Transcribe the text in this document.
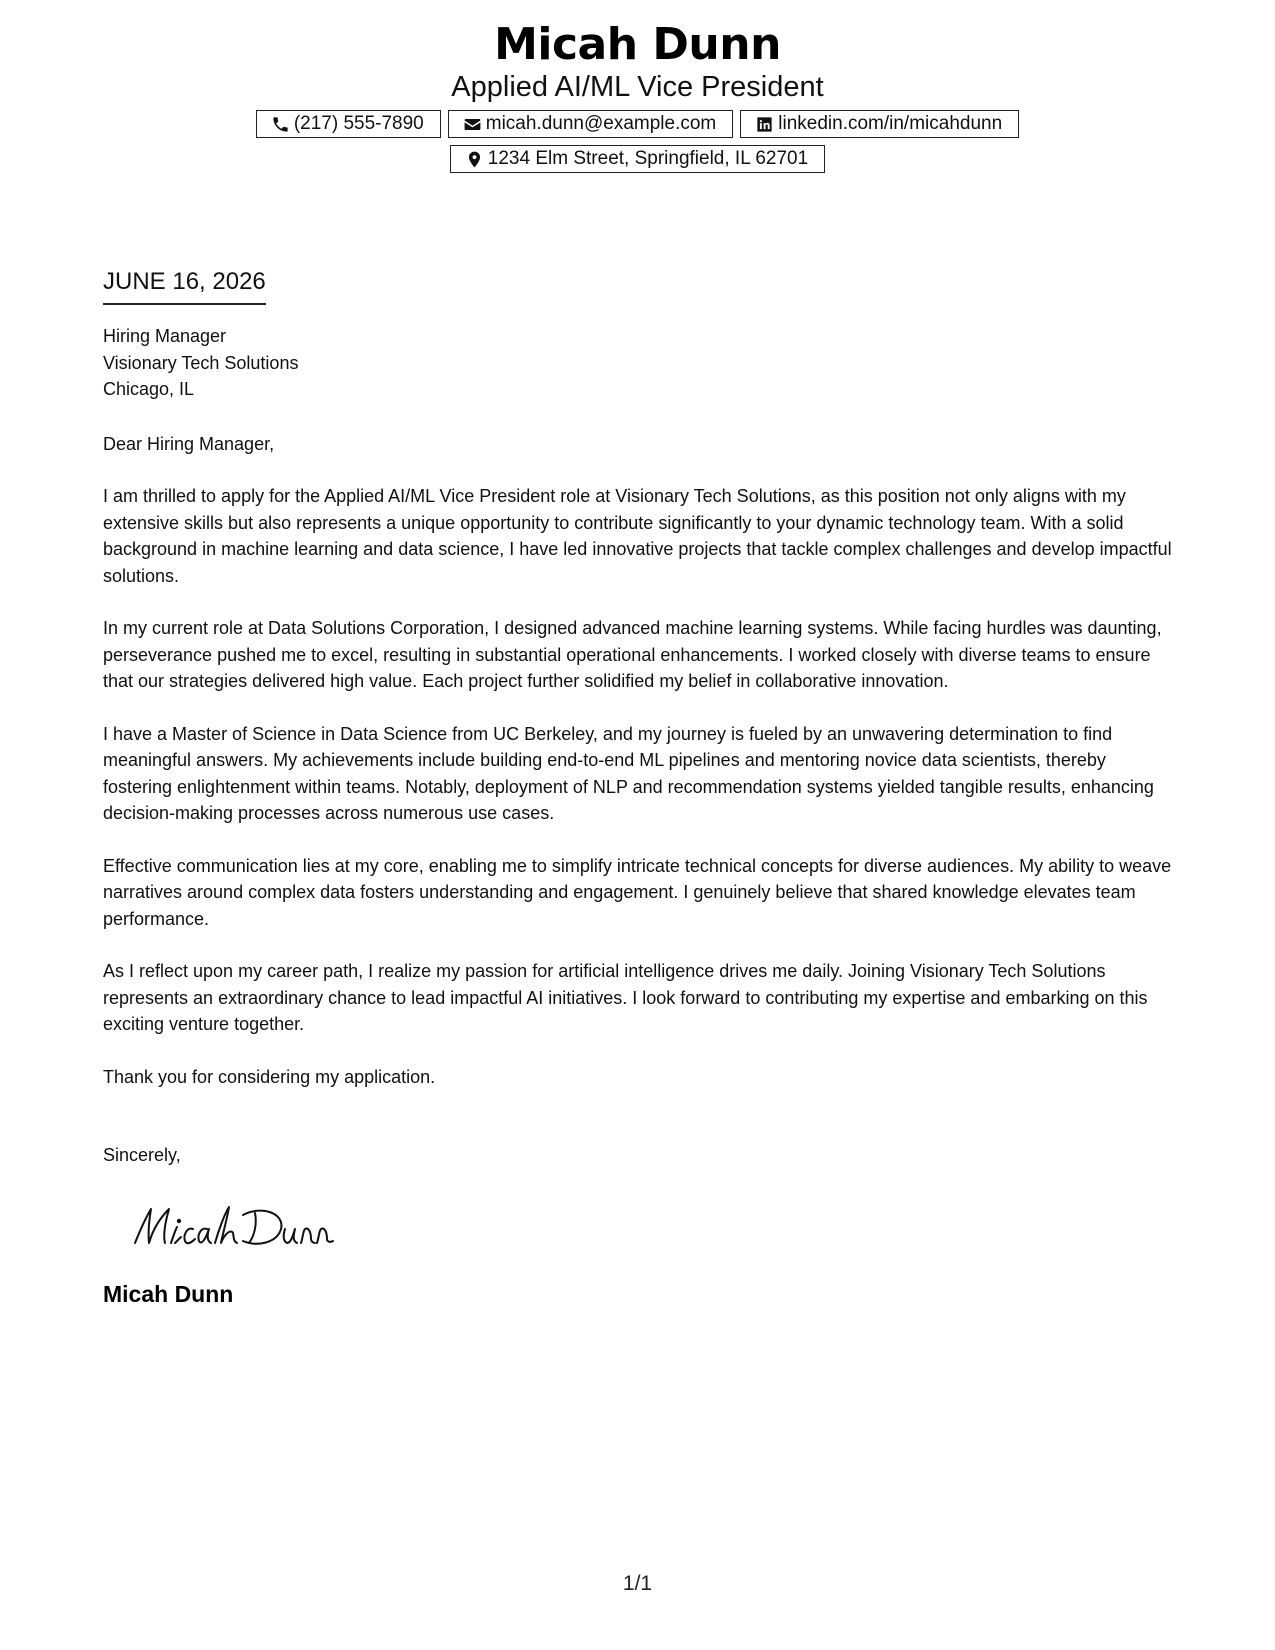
Micah Dunn
Applied AI/ML Vice President
(217) 555-7890	micah.dunn@example.com	linkedin.com/in/micahdunn
1234 Elm Street, Springfield, IL 62701
JUNE 16, 2026
Hiring Manager
Visionary Tech Solutions
Chicago, IL
Dear Hiring Manager,
I am thrilled to apply for the Applied AI/ML Vice President role at Visionary Tech Solutions, as this position not only aligns with my extensive skills but also represents a unique opportunity to contribute significantly to your dynamic technology team. With a solid background in machine learning and data science, I have led innovative projects that tackle complex challenges and develop impactful solutions.
In my current role at Data Solutions Corporation, I designed advanced machine learning systems. While facing hurdles was daunting, perseverance pushed me to excel, resulting in substantial operational enhancements. I worked closely with diverse teams to ensure that our strategies delivered high value. Each project further solidified my belief in collaborative innovation.
I have a Master of Science in Data Science from UC Berkeley, and my journey is fueled by an unwavering determination to find meaningful answers. My achievements include building end-to-end ML pipelines and mentoring novice data scientists, thereby fostering enlightenment within teams. Notably, deployment of NLP and recommendation systems yielded tangible results, enhancing decision-making processes across numerous use cases.
Effective communication lies at my core, enabling me to simplify intricate technical concepts for diverse audiences. My ability to weave narratives around complex data fosters understanding and engagement. I genuinely believe that shared knowledge elevates team performance.
As I reflect upon my career path, I realize my passion for artificial intelligence drives me daily. Joining Visionary Tech Solutions represents an extraordinary chance to lead impactful AI initiatives. I look forward to contributing my expertise and embarking on this exciting venture together.
Thank you for considering my application.
Sincerely,
Micah Dunn
1/1
